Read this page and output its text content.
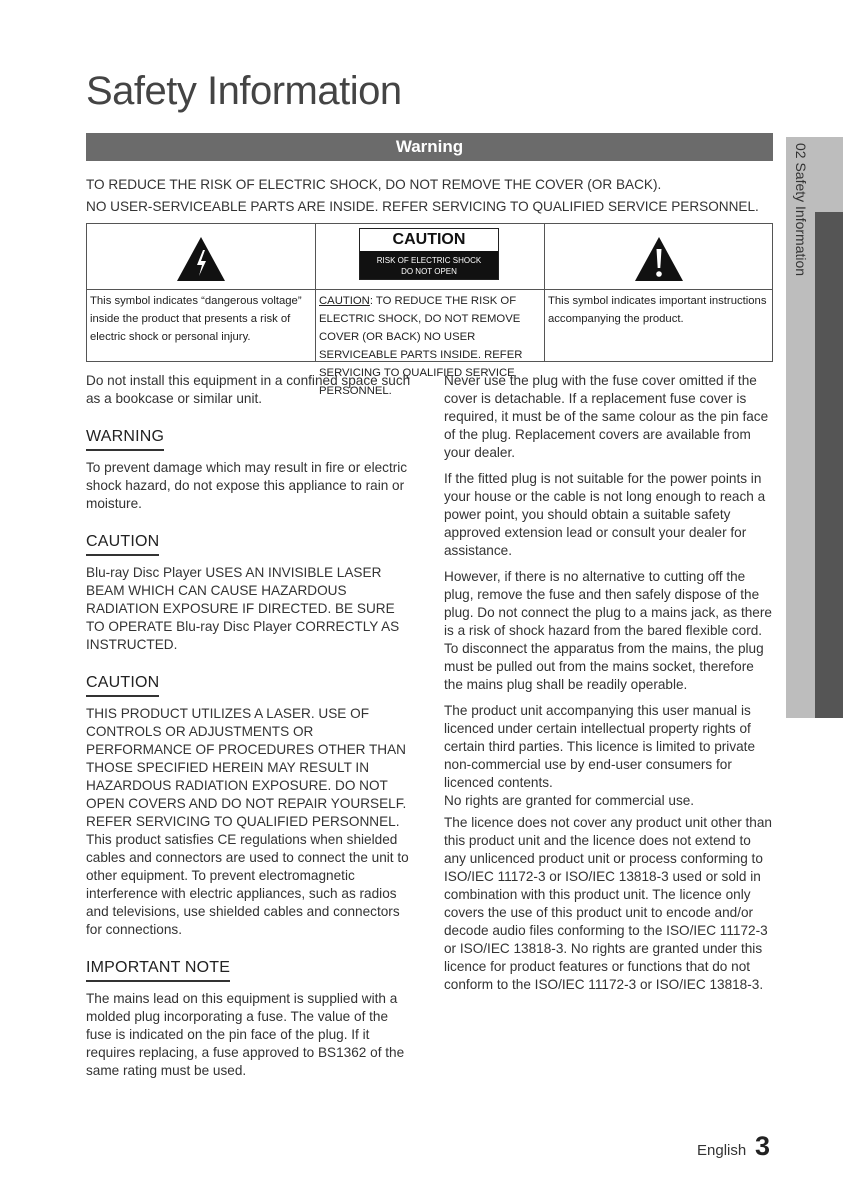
Safety Information
Warning
TO REDUCE THE RISK OF ELECTRIC SHOCK, DO NOT REMOVE THE COVER (OR BACK).
NO USER-SERVICEABLE PARTS ARE INSIDE. REFER SERVICING TO QUALIFIED SERVICE PERSONNEL.
This symbol indicates “dangerous voltage” inside the product that presents a risk of electric shock or personal injury.
CAUTION
RISK OF ELECTRIC SHOCK
DO NOT OPEN
CAUTION: TO REDUCE THE RISK OF ELECTRIC SHOCK, DO NOT REMOVE COVER (OR BACK) NO USER SERVICEABLE PARTS INSIDE. REFER SERVICING TO QUALIFIED SERVICE PERSONNEL.
This symbol indicates important instructions accompanying the product.

Do not install this equipment in a confined space such as a bookcase or similar unit.

WARNING

To prevent damage which may result in fire or electric shock hazard, do not expose this appliance to rain or moisture.

CAUTION

Blu-ray Disc Player USES AN INVISIBLE LASER BEAM WHICH CAN CAUSE HAZARDOUS RADIATION EXPOSURE IF DIRECTED. BE SURE TO OPERATE Blu-ray Disc Player CORRECTLY AS INSTRUCTED.

CAUTION

THIS PRODUCT UTILIZES A LASER. USE OF CONTROLS OR ADJUSTMENTS OR PERFORMANCE OF PROCEDURES OTHER THAN THOSE SPECIFIED HEREIN MAY RESULT IN HAZARDOUS RADIATION EXPOSURE. DO NOT OPEN COVERS AND DO NOT REPAIR YOURSELF. REFER SERVICING TO QUALIFIED PERSONNEL.

This product satisfies CE regulations when shielded cables and connectors are used to connect the unit to other equipment. To prevent electromagnetic interference with electric appliances, such as radios and televisions, use shielded cables and connectors for connections.

IMPORTANT NOTE

The mains lead on this equipment is supplied with a molded plug incorporating a fuse. The value of the fuse is indicated on the pin face of the plug. If it requires replacing, a fuse approved to BS1362 of the same rating must be used.

Never use the plug with the fuse cover omitted if the cover is detachable. If a replacement fuse cover is required, it must be of the same colour as the pin face of the plug. Replacement covers are available from your dealer.

If the fitted plug is not suitable for the power points in your house or the cable is not long enough to reach a power point, you should obtain a suitable safety approved extension lead or consult your dealer for assistance.

However, if there is no alternative to cutting off the plug, remove the fuse and then safely dispose of the plug. Do not connect the plug to a mains jack, as there is a risk of shock hazard from the bared flexible cord.

To disconnect the apparatus from the mains, the plug must be pulled out from the mains socket, therefore the mains plug shall be readily operable.

The product unit accompanying this user manual is licenced under certain intellectual property rights of certain third parties. This licence is limited to private non-commercial use by end-user consumers for licenced contents.

No rights are granted for commercial use.

The licence does not cover any product unit other than this product unit and the licence does not extend to any unlicenced product unit or process conforming to ISO/IEC 11172-3 or ISO/IEC 13818-3 used or sold in combination with this product unit. The licence only covers the use of this product unit to encode and/or decode audio files conforming to the ISO/IEC 11172-3 or ISO/IEC 13818-3. No rights are granted under this licence for product features or functions that do not conform to the ISO/IEC 11172-3 or ISO/IEC 13818-3.

02 Safety Information
English 3
